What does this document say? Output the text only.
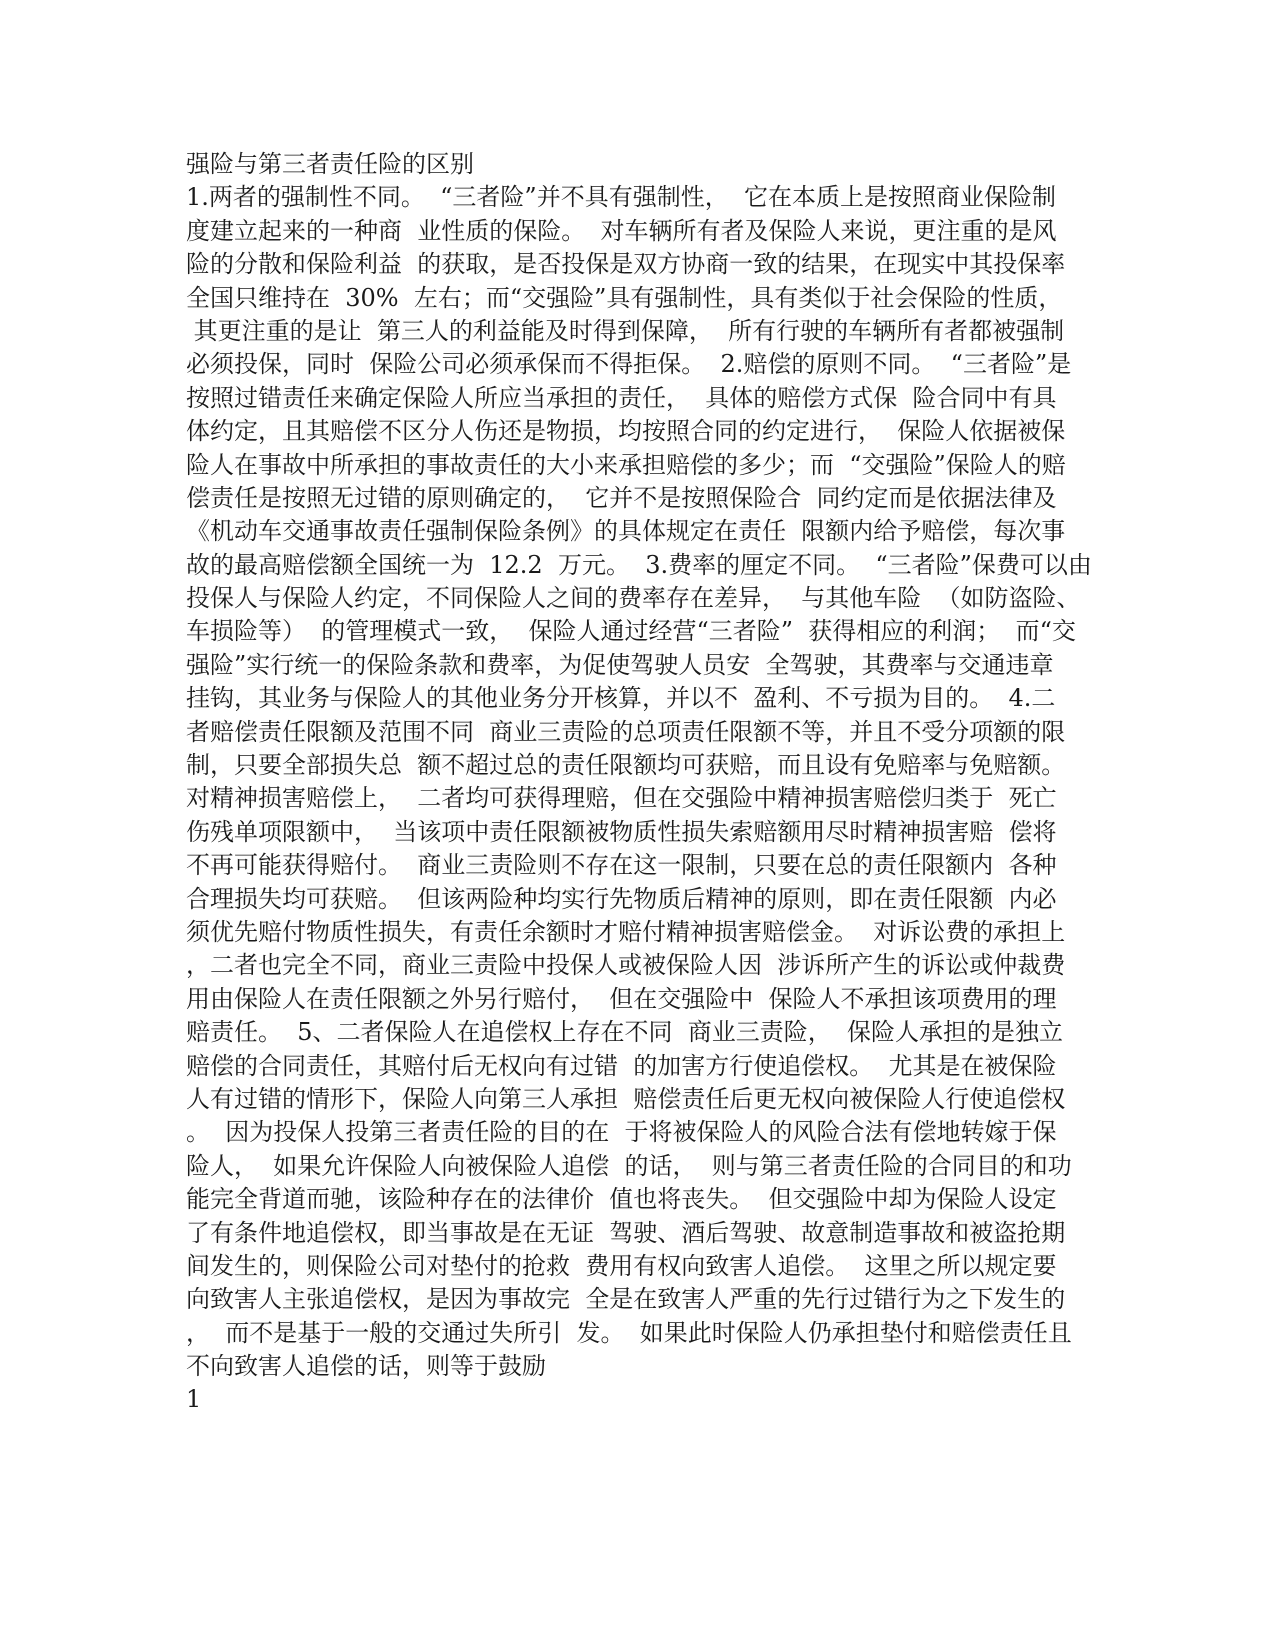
强险与第三者责任险的区别
1.两者的强制性不同。  “三者险”并不具有强制性，  它在本质上是按照商业保险制
度建立起来的一种商  业性质的保险。  对车辆所有者及保险人来说，更注重的是风
险的分散和保险利益  的获取，是否投保是双方协商一致的结果，在现实中其投保率
全国只维持在  30%  左右；而“交强险”具有强制性，具有类似于社会保险的性质，
其更注重的是让  第三人的利益能及时得到保障，  所有行驶的车辆所有者都被强制
必须投保，同时  保险公司必须承保而不得拒保。  2.赔偿的原则不同。  “三者险”是
按照过错责任来确定保险人所应当承担的责任，  具体的赔偿方式保  险合同中有具
体约定，且其赔偿不区分人伤还是物损，均按照合同的约定进行，  保险人依据被保
险人在事故中所承担的事故责任的大小来承担赔偿的多少；而  “交强险”保险人的赔
偿责任是按照无过错的原则确定的，  它并不是按照保险合  同约定而是依据法律及
《机动车交通事故责任强制保险条例》的具体规定在责任  限额内给予赔偿，每次事
故的最高赔偿额全国统一为  12.2  万元。  3.费率的厘定不同。  “三者险”保费可以由
投保人与保险人约定，不同保险人之间的费率存在差异，  与其他车险  （如防盗险、
车损险等）  的管理模式一致，  保险人通过经营“三者险”  获得相应的利润；  而“交
强险”实行统一的保险条款和费率，为促使驾驶人员安  全驾驶，其费率与交通违章
挂钩，其业务与保险人的其他业务分开核算，并以不  盈利、不亏损为目的。  4.二
者赔偿责任限额及范围不同  商业三责险的总项责任限额不等，并且不受分项额的限
制，只要全部损失总  额不超过总的责任限额均可获赔，而且设有免赔率与免赔额。
对精神损害赔偿上，  二者均可获得理赔，但在交强险中精神损害赔偿归类于  死亡
伤残单项限额中，  当该项中责任限额被物质性损失索赔额用尽时精神损害赔  偿将
不再可能获得赔付。  商业三责险则不存在这一限制，只要在总的责任限额内  各种
合理损失均可获赔。  但该两险种均实行先物质后精神的原则，即在责任限额  内必
须优先赔付物质性损失，有责任余额时才赔付精神损害赔偿金。  对诉讼费的承担上
，二者也完全不同，商业三责险中投保人或被保险人因  涉诉所产生的诉讼或仲裁费
用由保险人在责任限额之外另行赔付，  但在交强险中  保险人不承担该项费用的理
赔责任。  5、二者保险人在追偿权上存在不同  商业三责险，  保险人承担的是独立
赔偿的合同责任，其赔付后无权向有过错  的加害方行使追偿权。  尤其是在被保险
人有过错的情形下，保险人向第三人承担  赔偿责任后更无权向被保险人行使追偿权
。  因为投保人投第三者责任险的目的在  于将被保险人的风险合法有偿地转嫁于保
险人，  如果允许保险人向被保险人追偿  的话，  则与第三者责任险的合同目的和功
能完全背道而驰，该险种存在的法律价  值也将丧失。  但交强险中却为保险人设定
了有条件地追偿权，即当事故是在无证  驾驶、酒后驾驶、故意制造事故和被盗抢期
间发生的，则保险公司对垫付的抢救  费用有权向致害人追偿。  这里之所以规定要
向致害人主张追偿权，是因为事故完  全是在致害人严重的先行过错行为之下发生的
，  而不是基于一般的交通过失所引  发。  如果此时保险人仍承担垫付和赔偿责任且
不向致害人追偿的话，则等于鼓励
1
